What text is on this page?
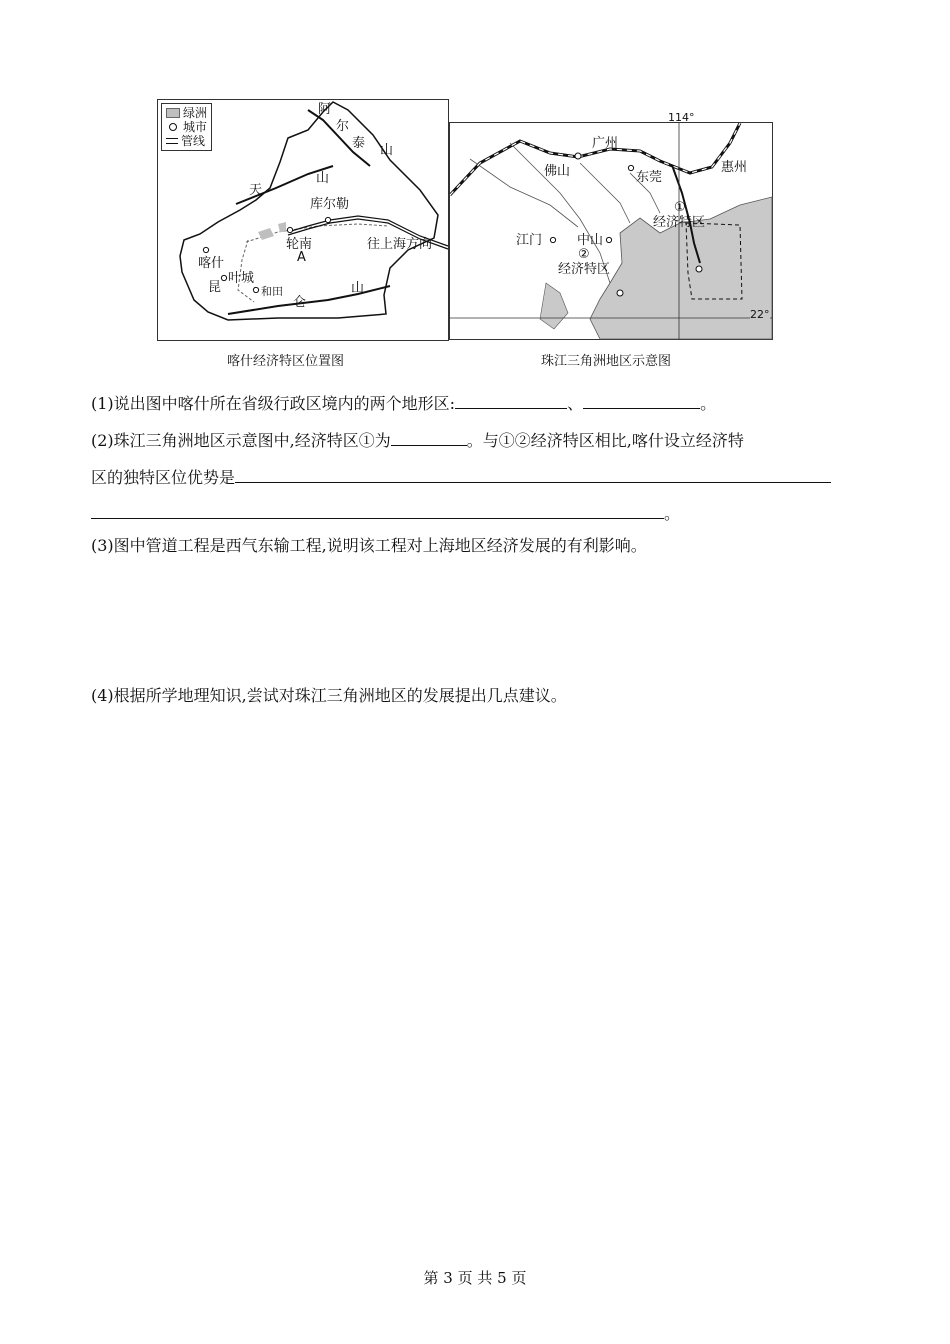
绿洲
城市
管线
阿
尔
泰 山
天
山
库尔勒
轮南
A
往上海方向
喀什
叶城
昆	和田
仑
山
喀什经济特区位置图
114°
广州
佛山	东莞
惠州
①
经济特区
江门	中山
②
经济特区
22°
珠江三角洲地区示意图
(1)说出图中喀什所在省级行政区境内的两个地形区:	、	。
(2)珠江三角洲地区示意图中,经济特区①为	。与①②经济特区相比,喀什设立经济特
区的独特区位优势是
。
(3)图中管道工程是西气东输工程,说明该工程对上海地区经济发展的有利影响。
(4)根据所学地理知识,尝试对珠江三角洲地区的发展提出几点建议。
第 3 页 共 5 页
